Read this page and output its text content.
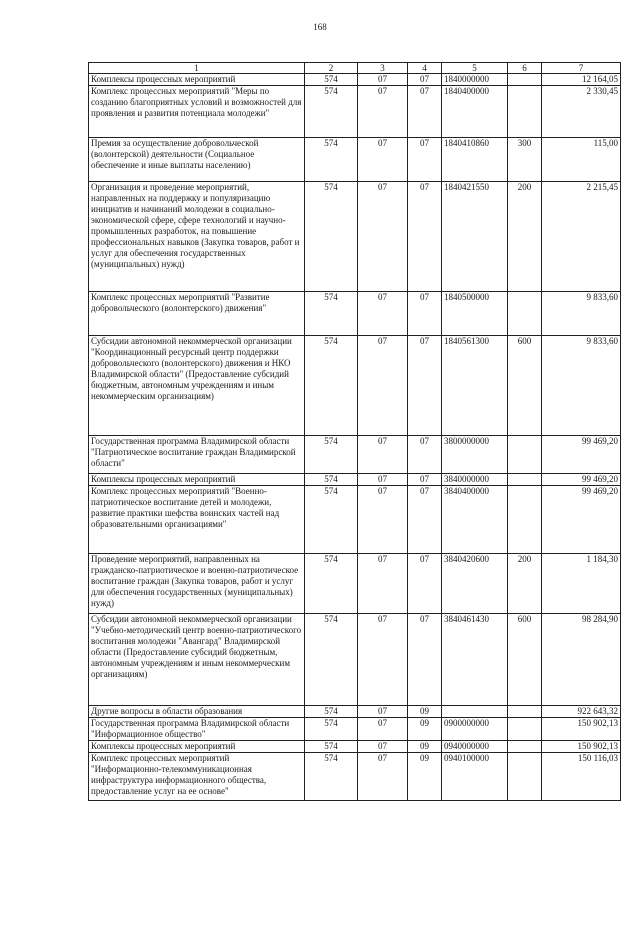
168
1	2	3	4	5	6	7
Комплексы процессных мероприятий	574	07	07	1840000000		12 164,05
Комплекс процессных мероприятий "Меры по созданию благоприятных условий и возможностей для проявления и развития потенциала молодежи"	574	07	07	1840400000		2 330,45
Премия за осуществление добровольческой (волонтерской) деятельности (Социальное обеспечение и иные выплаты населению)	574	07	07	1840410860	300	115,00
Организация и проведение мероприятий, направленных на поддержку и популяризацию инициатив и начинаний молодежи в социально-экономической сфере, сфере технологий и научно-промышленных разработок, на повышение профессиональных навыков (Закупка товаров, работ и услуг для обеспечения государственных (муниципальных) нужд)	574	07	07	1840421550	200	2 215,45
Комплекс процессных мероприятий "Развитие добровольческого (волонтерского) движения"	574	07	07	1840500000		9 833,60
Субсидии автономной некоммерческой организации "Координационный ресурсный центр поддержки добровольческого (волонтерского) движения и НКО Владимирской области" (Предоставление субсидий бюджетным, автономным учреждениям и иным некоммерческим организациям)	574	07	07	1840561300	600	9 833,60
Государственная программа Владимирской области "Патриотическое воспитание граждан Владимирской области"	574	07	07	3800000000		99 469,20
Комплексы процессных мероприятий	574	07	07	3840000000		99 469,20
Комплекс процессных мероприятий "Военно-патриотическое воспитание детей и молодежи, развитие практики шефства воинских частей над образовательными организациями"	574	07	07	3840400000		99 469,20
Проведение мероприятий, направленных на гражданско-патриотическое и военно-патриотическое воспитание граждан (Закупка товаров, работ и услуг для обеспечения государственных (муниципальных) нужд)	574	07	07	3840420600	200	1 184,30
Субсидии автономной некоммерческой организации "Учебно-методический центр военно-патриотического воспитания молодежи "Авангард" Владимирской области (Предоставление субсидий бюджетным, автономным учреждениям и иным некоммерческим организациям)	574	07	07	3840461430	600	98 284,90
Другие вопросы в области образования	574	07	09			922 643,32
Государственная программа Владимирской области "Информационное общество"	574	07	09	0900000000		150 902,13
Комплексы процессных мероприятий	574	07	09	0940000000		150 902,13
Комплекс процессных мероприятий "Информационно-телекоммуникационная инфраструктура информационного общества, предоставление услуг на ее основе"	574	07	09	0940100000		150 116,03
